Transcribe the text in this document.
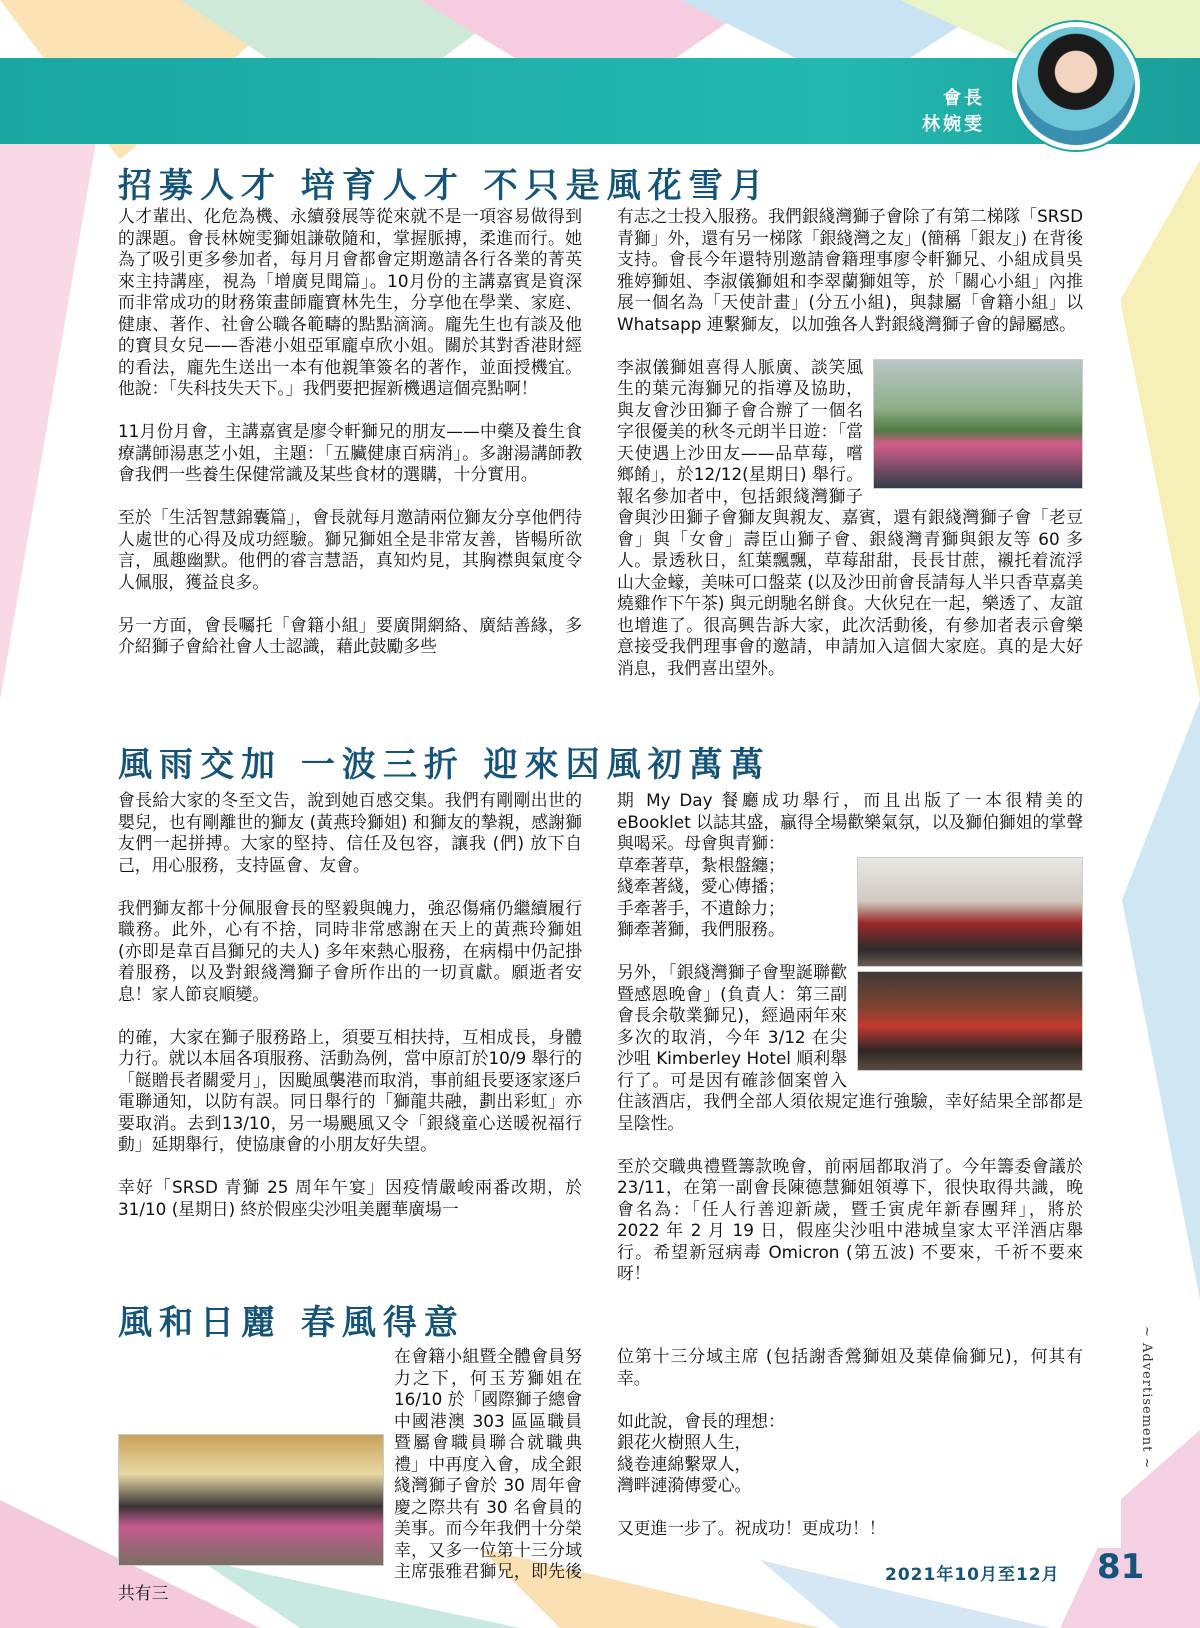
會長
林婉雯
招募人才 培育人才 不只是風花雪月

人才輩出、化危為機、永續發展等從來就不是一項容易做得到的課題。會長林婉雯獅姐謙敬隨和，掌握脈搏，柔進而行。她為了吸引更多參加者，每月月會都會定期邀請各行各業的菁英來主持講座，視為「增廣見聞篇」。10月份的主講嘉賓是資深而非常成功的財務策畫師龐寶林先生，分享他在學業、家庭、健康、著作、社會公職各範疇的點點滴滴。龐先生也有談及他的寶貝女兒——香港小姐亞軍龐卓欣小姐。關於其對香港財經的看法，龐先生送出一本有他親筆簽名的著作，並面授機宜。他說：「失科技失天下。」我們要把握新機遇這個亮點啊！

11月份月會，主講嘉賓是廖令軒獅兄的朋友——中藥及養生食療講師湯惠芝小姐，主題：「五臟健康百病消」。多謝湯講師教會我們一些養生保健常識及某些食材的選購，十分實用。

至於「生活智慧錦囊篇」，會長就每月邀請兩位獅友分享他們待人處世的心得及成功經驗。獅兄獅姐全是非常友善，皆暢所欲言，風趣幽默。他們的睿言慧語，真知灼見，其胸襟與氣度令人佩服，獲益良多。

另一方面，會長囑托「會籍小組」要廣開網絡、廣結善緣，多介紹獅子會給社會人士認識，藉此鼓勵多些

有志之士投入服務。我們銀綫灣獅子會除了有第二梯隊「SRSD 青獅」外，還有另一梯隊「銀綫灣之友」(簡稱「銀友」) 在背後支持。會長今年還特別邀請會籍理事廖令軒獅兄、小組成員吳雅婷獅姐、李淑儀獅姐和李翠蘭獅姐等，於「關心小組」內推展一個名為「天使計畫」(分五小組)，與隸屬「會籍小組」以 Whatsapp 連繫獅友，以加強各人對銀綫灣獅子會的歸屬感。

李淑儀獅姐喜得人脈廣、談笑風生的葉元海獅兄的指導及協助，與友會沙田獅子會合辦了一個名字很優美的秋冬元朗半日遊：「當天使遇上沙田友——品草莓，嚐鄉餚」，於12/12(星期日) 舉行。報名參加者中，包括銀綫灣獅子會與沙田獅子會獅友與親友、嘉賓，還有銀綫灣獅子會「老豆會」與「女會」壽臣山獅子會、銀綫灣青獅與銀友等 60 多人。景透秋日，紅葉飄飄，草莓甜甜，長長甘蔗，襯托着流浮山大金蠔，美味可口盤菜 (以及沙田前會長請每人半只香草嘉美燒雞作下午茶) 與元朗馳名餅食。大伙兒在一起，樂透了、友誼也增進了。很高興告訴大家，此次活動後，有參加者表示會樂意接受我們理事會的邀請，申請加入這個大家庭。真的是大好消息，我們喜出望外。

風雨交加 一波三折 迎來因風初萬萬

會長給大家的冬至文告，說到她百感交集。我們有剛剛出世的嬰兒，也有剛離世的獅友 (黃燕玲獅姐) 和獅友的摯親，感謝獅友們一起拼搏。大家的堅持、信任及包容，讓我 (們) 放下自己，用心服務，支持區會、友會。

我們獅友都十分佩服會長的堅毅與魄力，強忍傷痛仍繼續履行職務。此外，心有不捨，同時非常感謝在天上的黃燕玲獅姐 (亦即是韋百昌獅兄的夫人) 多年來熱心服務，在病榻中仍記掛着服務，以及對銀綫灣獅子會所作出的一切貢獻。願逝者安息！家人節哀順變。

的確，大家在獅子服務路上，須要互相扶持，互相成長，身體力行。就以本屆各項服務、活動為例，當中原訂於10/9 舉行的「餸贈長者關愛月」，因颱風襲港而取消，事前組長要逐家逐戶電聯通知，以防有誤。同日舉行的「獅龍共融，劃出彩虹」亦要取消。去到13/10，另一場颶風又令「銀綫童心送暖祝福行動」延期舉行，使協康會的小朋友好失望。

幸好「SRSD 青獅 25 周年午宴」因疫情嚴峻兩番改期，於 31/10 (星期日) 終於假座尖沙咀美麗華廣場一

期 My Day 餐廳成功舉行，而且出版了一本很精美的 eBooklet 以誌其盛，贏得全場歡樂氣氛，以及獅伯獅姐的掌聲與喝采。母會與青獅：

草牽著草，紮根盤纏；
綫牽著綫，愛心傳播；
手牽著手，不遺餘力；
獅牽著獅，我們服務。

另外，「銀綫灣獅子會聖誕聯歡暨感恩晚會」(負責人：第三副會長余敬業獅兄)，經過兩年來多次的取消，今年 3/12 在尖沙咀 Kimberley Hotel 順利舉行了。可是因有確診個案曾入住該酒店，我們全部人須依規定進行強驗，幸好結果全部都是呈陰性。

至於交職典禮暨籌款晚會，前兩屆都取消了。今年籌委會議於 23/11，在第一副會長陳德慧獅姐領導下，很快取得共識，晚會名為：「任人行善迎新歲，暨壬寅虎年新春團拜」，將於 2022 年 2 月 19 日，假座尖沙咀中港城皇家太平洋酒店舉行。希望新冠病毒 Omicron (第五波) 不要來，千祈不要來呀！

風和日麗 春風得意

在會籍小組暨全體會員努力之下，何玉芳獅姐在16/10 於「國際獅子總會中國港澳 303 區區職員暨屬會職員聯合就職典禮」中再度入會，成全銀綫灣獅子會於 30 周年會慶之際共有 30 名會員的美事。而今年我們十分榮幸，又多一位第十三分域主席張雅君獅兄，即先後共有三

位第十三分域主席 (包括謝香鶯獅姐及葉偉倫獅兄)，何其有幸。

如此說，會長的理想：
銀花火樹照人生，
綫卷連綿繫眾人，
灣畔漣漪傳愛心。

又更進一步了。祝成功！更成功！！

~ Advertisement ~
2021年10月至12月 81
